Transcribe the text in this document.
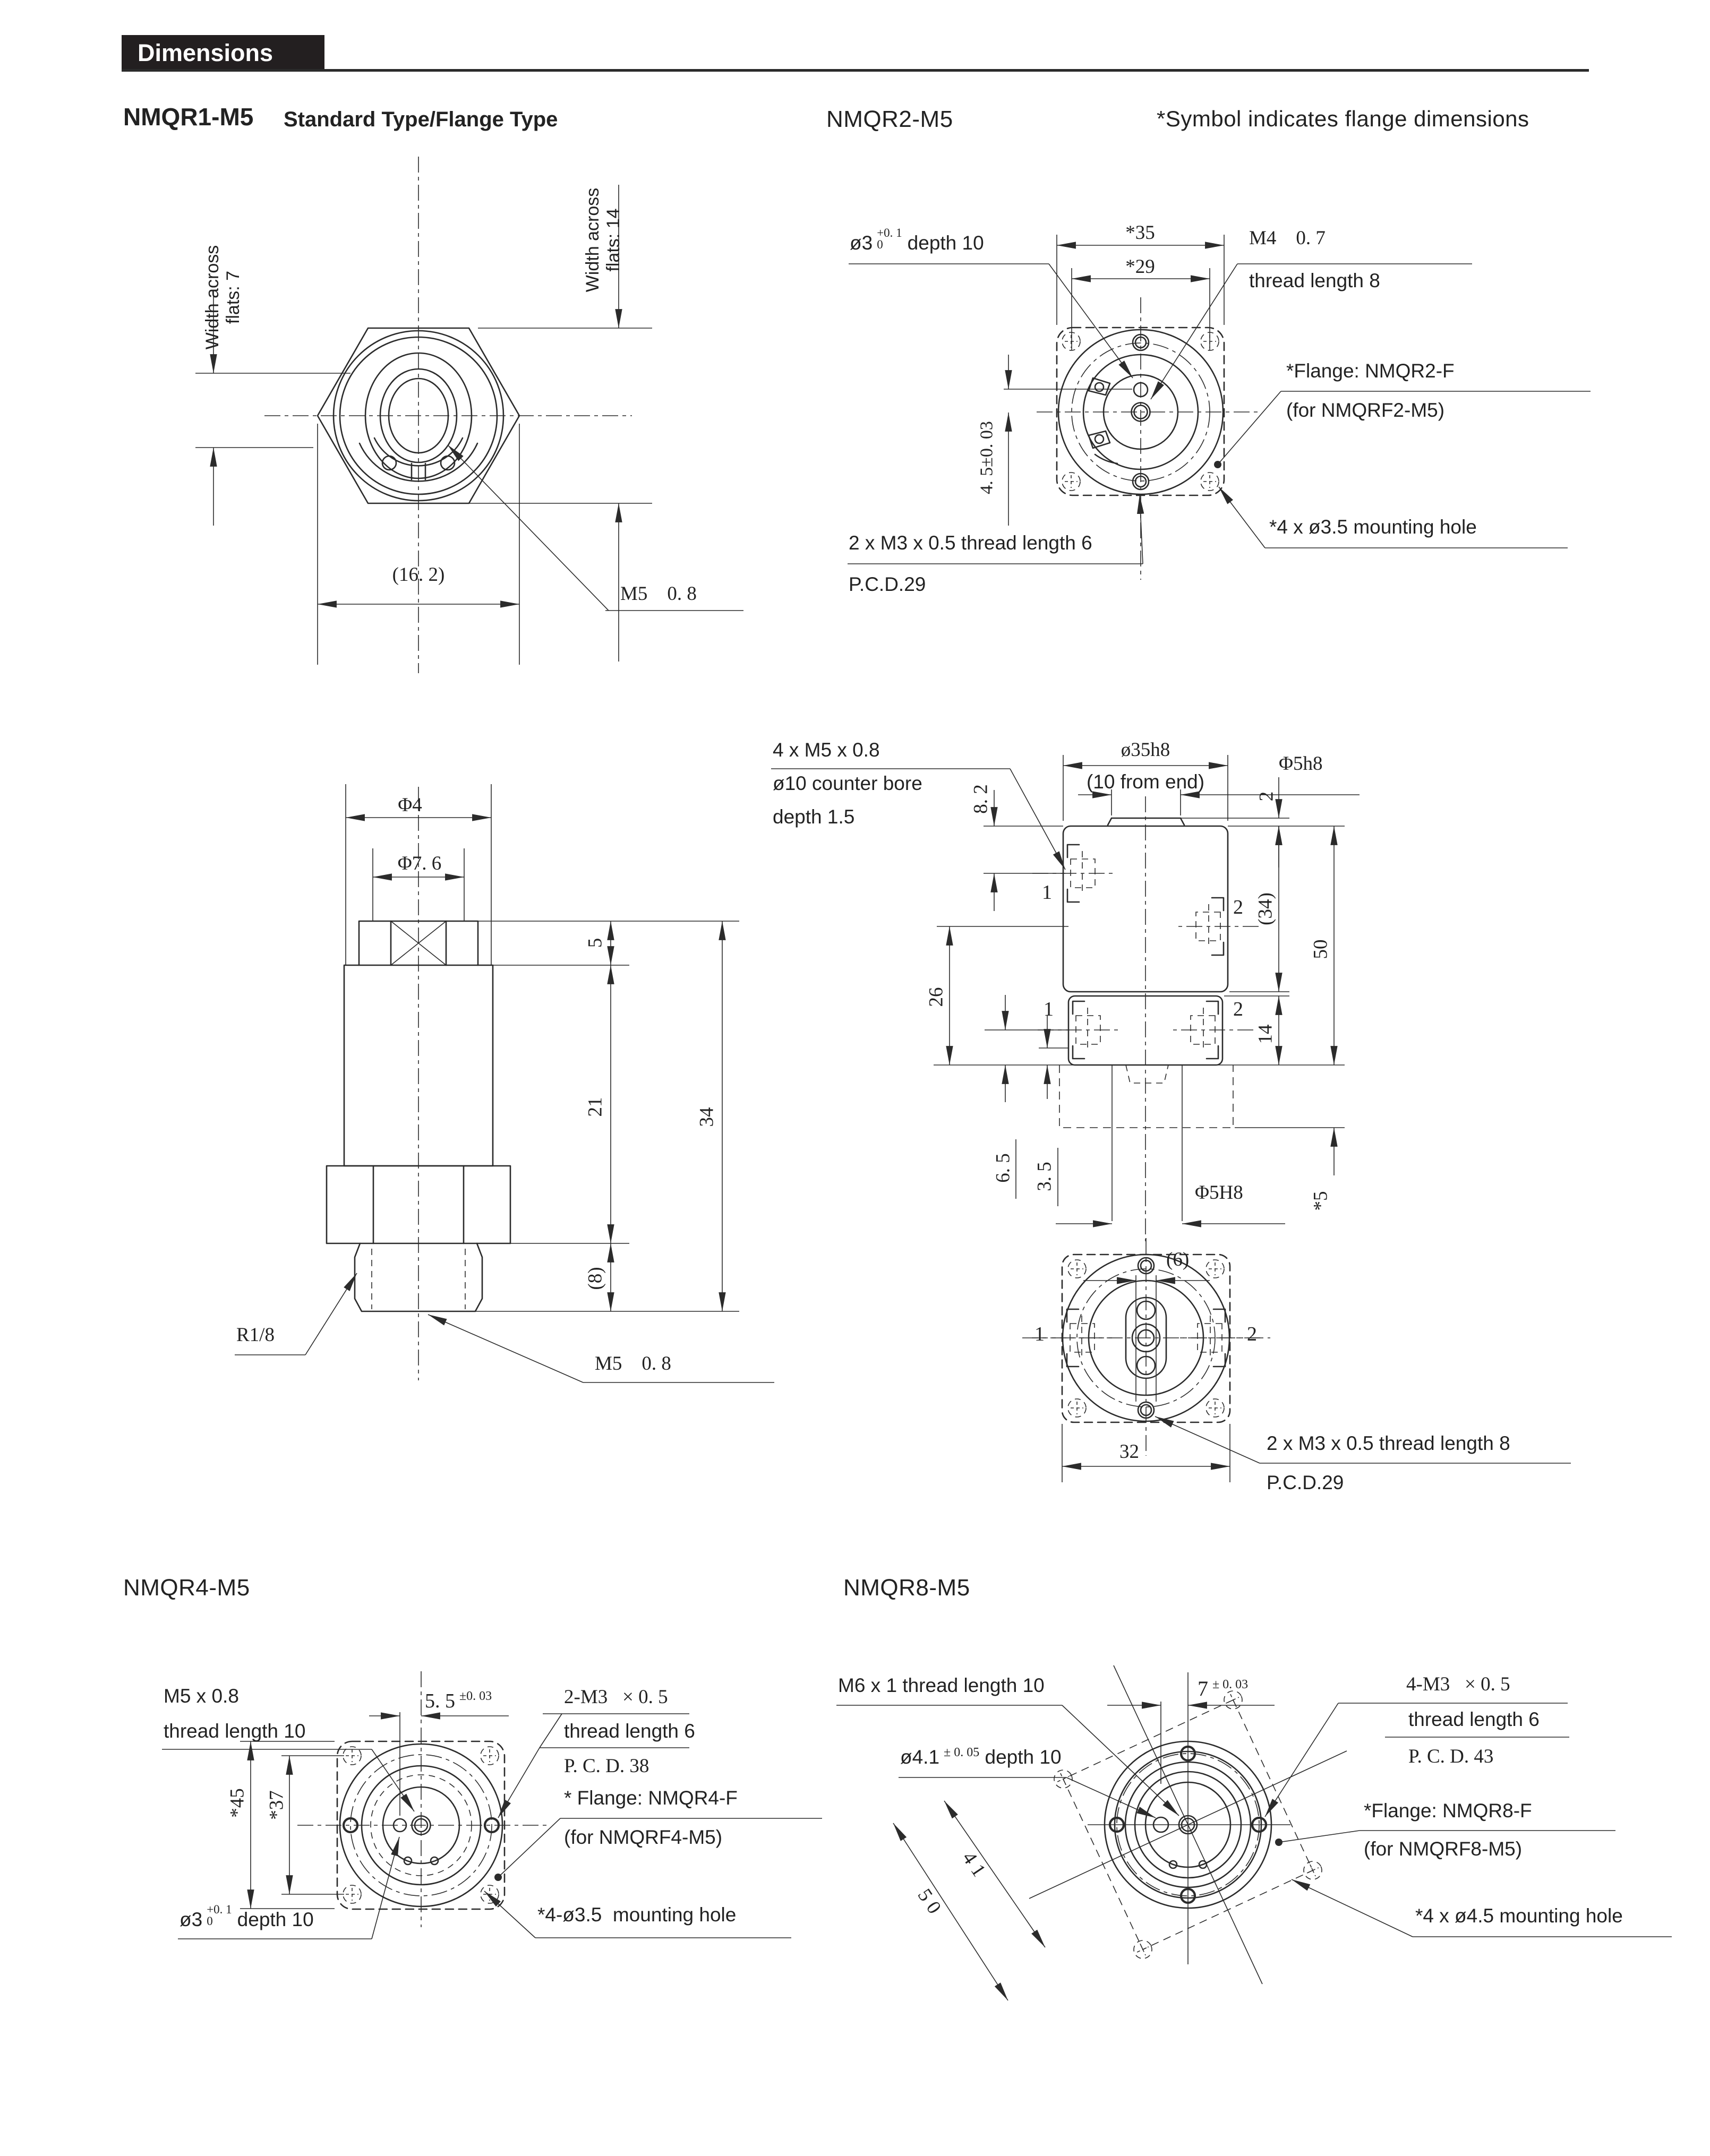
Dimensions
NMQR1-M5 Standard Type/Flange Type	NMQR2-M5	*Symbol indicates flange dimensions
NMQR4-M5	NMQR8-M5
Width across
flats: 7
Width across
flats: 14
(16. 2)
M5    0. 8
Φ4
Φ7. 6
5
21
(8)
34
R1/8
M5    0. 8
ø3 +0. 1
0	depth 10	*35
*29
M4    0. 7
thread length 8
*Flange: NMQR2-F
(for NMQRF2-M5)
4. 5±0. 03
*4 x ø3.5 mounting hole
2 x M3 x 0.5 thread length 6
P.C.D.29
ø35h8
(10 from end)
Φ5h8
2
4 x M5 x 0.8
ø10 counter bore
depth 1.5
8. 2
26
6. 5 3. 5
(34)
50
14
*5
Φ5H8
1
2
1	2
(6)
1	2
32	2 x M3 x 0.5 thread length 8
P.C.D.29
M5 x 0.8
thread length 10
5. 5 $^{\pm 0. 03}$	2-M3   × 0. 5
thread length 6
P. C. D. 38
*45 *37	* Flange: NMQR4-F
(for NMQRF4-M5)
ø3 +0. 1
0	depth 10	*4-ø3.5  mounting hole
M6 x 1 thread length 10	7 $^{\pm 0. 03}$
ø4.1 $^{\pm 0. 05}$ depth 10
4-M3   × 0. 5
thread length 6
P. C. D. 43
*Flange: NMQR8-F
(for NMQRF8-M5)
*4 x ø4.5 mounting hole
41
50
